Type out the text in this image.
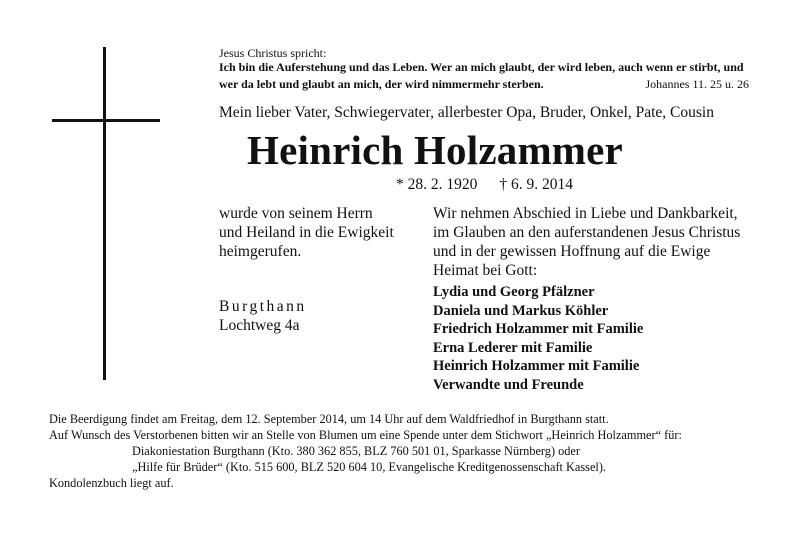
Jesus Christus spricht:
Ich bin die Auferstehung und das Leben. Wer an mich glaubt, der wird leben, auch wenn er stirbt, und
wer da lebt und glaubt an mich, der wird nimmermehr sterben.	Johannes 11. 25 u. 26
Mein lieber Vater, Schwiegervater, allerbester Opa, Bruder, Onkel, Pate, Cousin
Heinrich Holzammer
* 28. 2. 1920 † 6. 9. 2014
wurde von seinem Herrn
und Heiland in die Ewigkeit
heimgerufen.
Wir nehmen Abschied in Liebe und Dankbarkeit,
im Glauben an den auferstandenen Jesus Christus
und in der gewissen Hoffnung auf die Ewige
Heimat bei Gott:
Burgthann
Lochtweg 4a
Lydia und Georg Pfälzner
Daniela und Markus Köhler
Friedrich Holzammer mit Familie
Erna Lederer mit Familie
Heinrich Holzammer mit Familie
Verwandte und Freunde
Die Beerdigung findet am Freitag, dem 12. September 2014, um 14 Uhr auf dem Waldfriedhof in Burgthann statt.
Auf Wunsch des Verstorbenen bitten wir an Stelle von Blumen um eine Spende unter dem Stichwort „Heinrich Holzammer“ für:
Diakoniestation Burgthann (Kto. 380 362 855, BLZ 760 501 01, Sparkasse Nürnberg) oder
„Hilfe für Brüder“ (Kto. 515 600, BLZ 520 604 10, Evangelische Kreditgenossenschaft Kassel).
Kondolenzbuch liegt auf.
